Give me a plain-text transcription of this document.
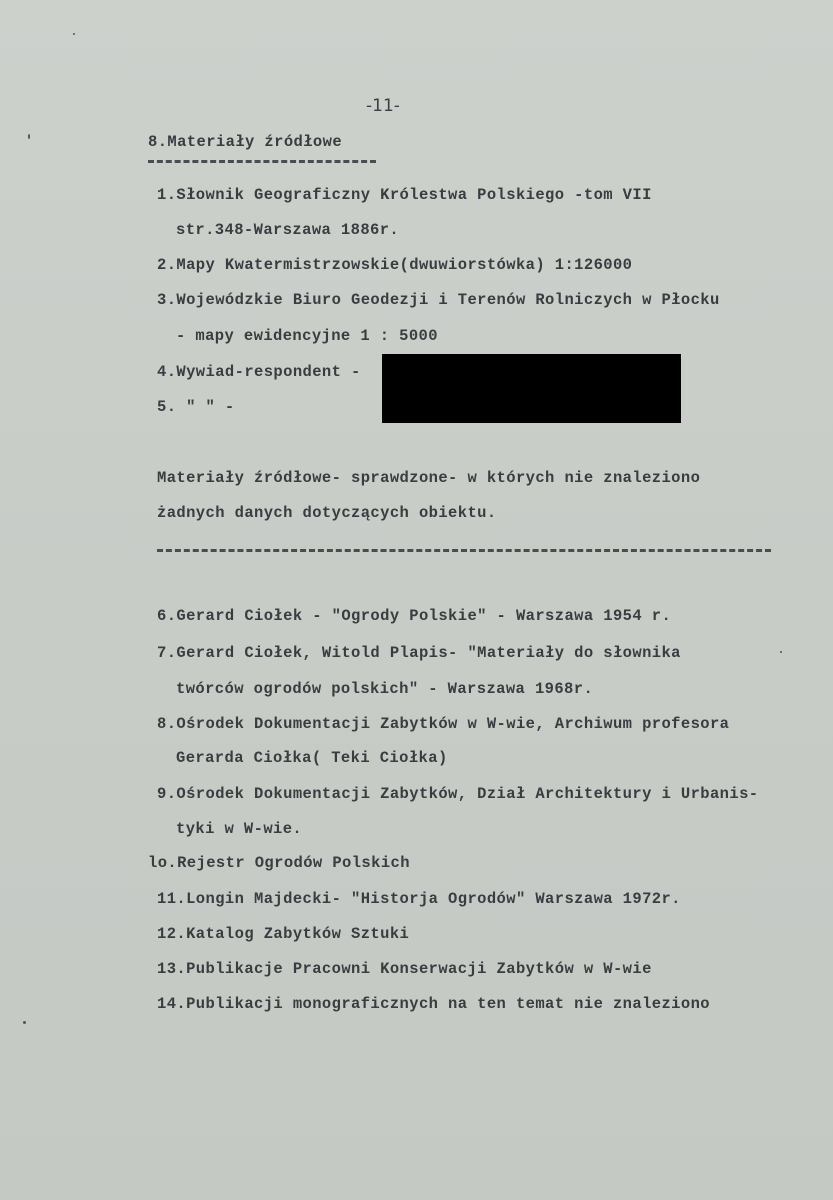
-11-
8.Materiały źródłowe
1.Słownik Geograficzny Królestwa Polskiego -tom VII
str.348-Warszawa 1886r.
2.Mapy Kwatermistrzowskie(dwuwiorstówka) 1:126000
3.Wojewódzkie Biuro Geodezji i Terenów Rolniczych w Płocku
- mapy ewidencyjne 1 : 5000
4.Wywiad-respondent -
5. " " -
Materiały źródłowe- sprawdzone- w których nie znaleziono
żadnych danych dotyczących obiektu.
6.Gerard Ciołek - "Ogrody Polskie" - Warszawa 1954 r.
7.Gerard Ciołek, Witold Plapis- "Materiały do słownika
twórców ogrodów polskich" - Warszawa 1968r.
8.Ośrodek Dokumentacji Zabytków w W-wie, Archiwum profesora
Gerarda Ciołka( Teki Ciołka)
9.Ośrodek Dokumentacji Zabytków, Dział Architektury i Urbanis-
tyki w W-wie.
lo.Rejestr Ogrodów Polskich
11.Longin Majdecki- "Historja Ogrodów" Warszawa 1972r.
12.Katalog Zabytków Sztuki
13.Publikacje Pracowni Konserwacji Zabytków w W-wie
14.Publikacji monograficznych na ten temat nie znaleziono
